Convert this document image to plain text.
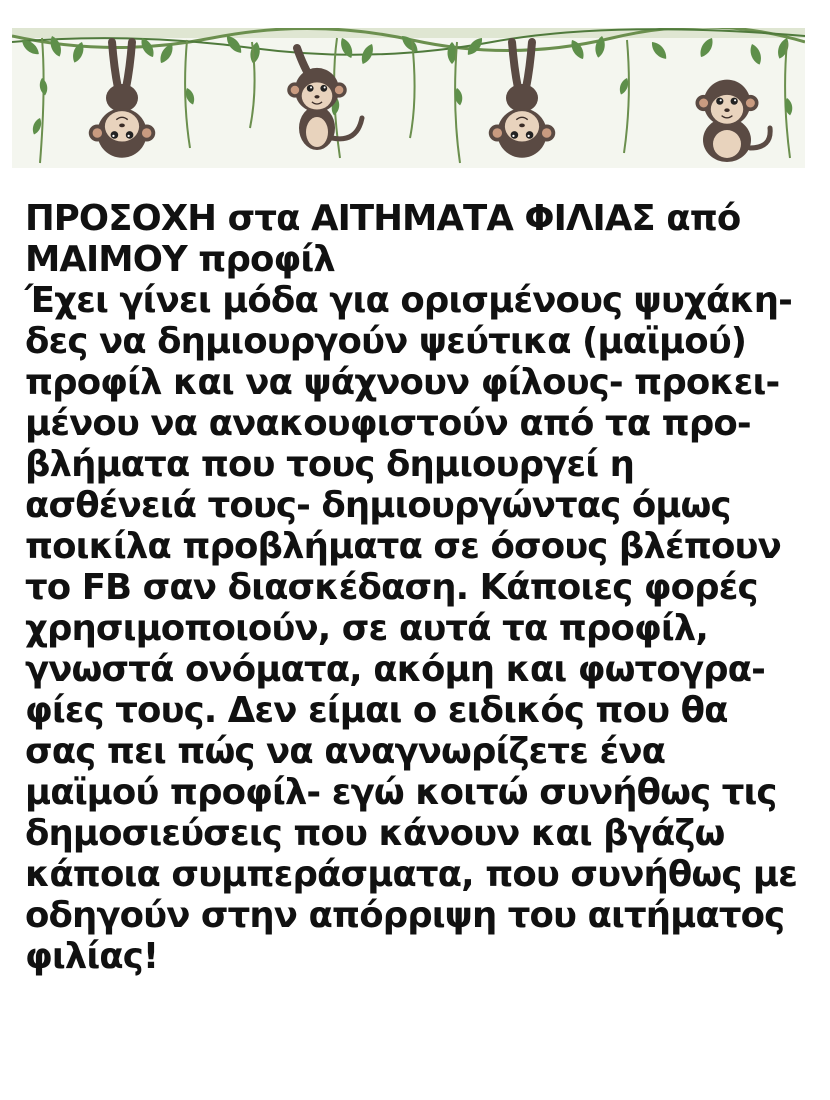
ΠΡΟΣΟΧΗ στα ΑΙΤΗΜΑΤΑ ΦΙΛΙΑΣ από
ΜΑΙΜΟΥ προφίλ
Έχει γίνει μόδα για ορισμένους ψυχάκη-
δες να δημιουργούν ψεύτικα (μαϊμού)
προφίλ και να ψάχνουν φίλους- προκει-
μένου να ανακουφιστούν από τα προ-
βλήματα που τους δημιουργεί η
ασθένειά τους- δημιουργώντας όμως
ποικίλα προβλήματα σε όσους βλέπουν
το FB σαν διασκέδαση. Κάποιες φορές
χρησιμοποιούν, σε αυτά τα προφίλ,
γνωστά ονόματα, ακόμη και φωτογρα-
φίες τους. Δεν είμαι ο ειδικός που θα
σας πει πώς να αναγνωρίζετε ένα
μαϊμού προφίλ- εγώ κοιτώ συνήθως τις
δημοσιεύσεις που κάνουν και βγάζω
κάποια συμπεράσματα, που συνήθως με
οδηγούν στην απόρριψη του αιτήματος
φιλίας!
